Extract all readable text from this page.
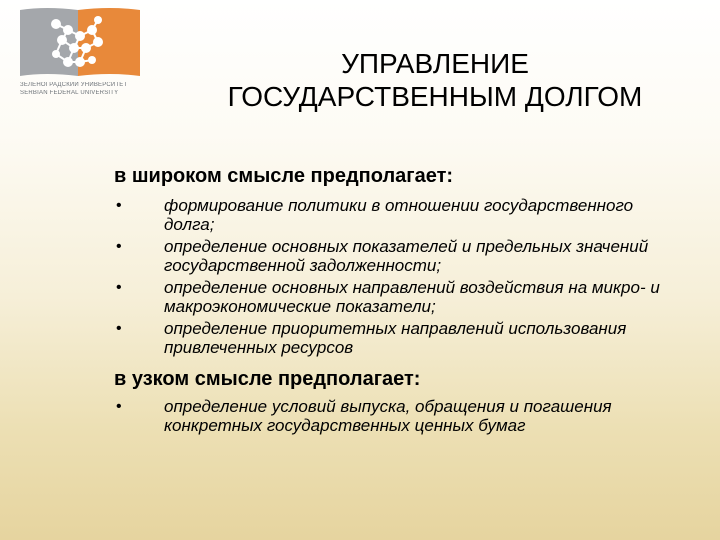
ЗЕЛЕНОГРАДСКИЙ УНИВЕРСИТЕТ
SERBIAN FEDERAL UNIVERSITY
УПРАВЛЕНИЕ
ГОСУДАРСТВЕННЫМ ДОЛГОМ
в широком смысле предполагает:
• формирование политики в отношении государственного долга;
• определение основных показателей и предельных значений государственной задолженности;
• определение основных направлений воздействия на микро- и макроэкономические показатели;
• определение приоритетных направлений использования привлеченных ресурсов
в узком смысле предполагает:
• определение условий выпуска, обращения и погашения конкретных государственных ценных бумаг
